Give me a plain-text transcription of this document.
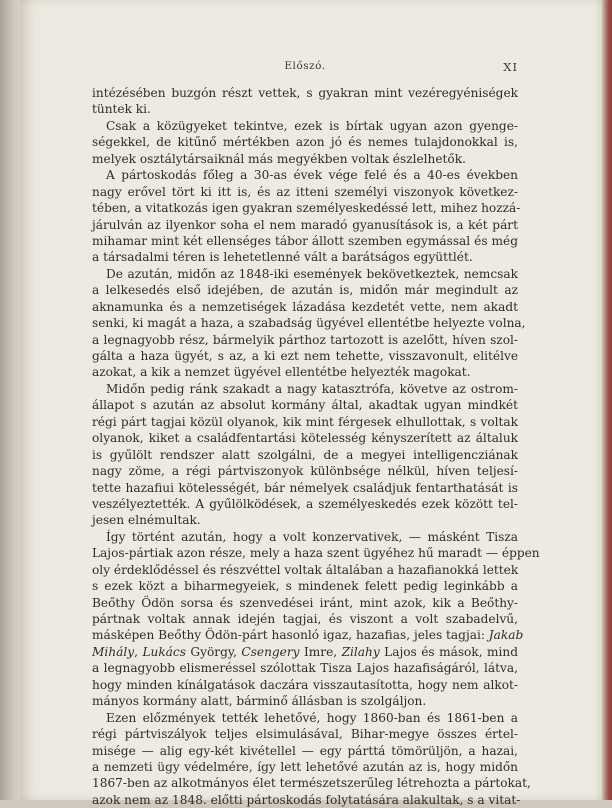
Előszó.	XI
intézésében buzgón részt vettek, s gyakran mint vezéregyéniségek
tüntek ki.
Csak a közügyeket tekintve, ezek is bírtak ugyan azon gyenge-
ségekkel, de kitűnő mértékben azon jó és nemes tulajdonokkal is,
melyek osztálytársaiknál más megyékben voltak észlelhetők.
A pártoskodás főleg a 30-as évek vége felé és a 40-es években
nagy erővel tört ki itt is, és az itteni személyi viszonyok következ-
tében, a vitatkozás igen gyakran személyeskedéssé lett, mihez hozzá-
járulván az ilyenkor soha el nem maradó gyanusítások is, a két párt
mihamar mint két ellenséges tábor állott szemben egymással és még
a társadalmi téren is lehetetlenné vált a barátságos együttlét.
De azután, midőn az 1848-iki események bekövetkeztek, nemcsak
a lelkesedés első idejében, de azután is, midőn már megindult az
aknamunka és a nemzetiségek lázadása kezdetét vette, nem akadt
senki, ki magát a haza, a szabadság ügyével ellentétbe helyezte volna,
a legnagyobb rész, bármelyik párthoz tartozott is azelőtt, híven szol-
gálta a haza ügyét, s az, a ki ezt nem tehette, visszavonult, elitélve
azokat, a kik a nemzet ügyével ellentétbe helyezték magokat.
Midőn pedig ránk szakadt a nagy katasztrófa, követve az ostrom-
állapot s azután az absolut kormány által, akadtak ugyan mindkét
régi párt tagjai közül olyanok, kik mint férgesek elhullottak, s voltak
olyanok, kiket a családfentartási kötelesség kényszerített az általuk
is gyűlölt rendszer alatt szolgálni, de a megyei intelligencziának
nagy zöme, a régi pártviszonyok különbsége nélkül, híven teljesí-
tette hazafiui kötelességét, bár némelyek családjuk fentarthatását is
veszélyeztették. A gyűlölködések, a személyeskedés ezek között tel-
jesen elnémultak.
Így történt azután, hogy a volt konzervativek, — másként Tisza
Lajos-pártiak azon része, mely a haza szent ügyéhez hű maradt — éppen
oly érdeklődéssel és részvéttel voltak általában a hazafianokká lettek
s ezek közt a biharmegyeiek, s mindenek felett pedig leginkább a
Beőthy Ödön sorsa és szenvedései iránt, mint azok, kik a Beőthy-
pártnak voltak annak idején tagjai, és viszont a volt szabadelvű,
másképen Beőthy Ödön-párt hasonló igaz, hazafias, jeles tagjai: Jakab
Mihály, Lukács György, Csengery Imre, Zilahy Lajos és mások, mind
a legnagyobb elismeréssel szólottak Tisza Lajos hazafiságáról, látva,
hogy minden kínálgatások daczára visszautasította, hogy nem alkot-
mányos kormány alatt, bárminő állásban is szolgáljon.
Ezen előzmények tették lehetővé, hogy 1860-ban és 1861-ben a
régi pártviszályok teljes elsimulásával, Bihar-megye összes értel-
misége — alig egy-két kivétellel — egy párttá tömörüljön, a hazai,
a nemzeti ügy védelmére, így lett lehetővé azután az is, hogy midőn
1867-ben az alkotmányos élet természetszerűleg létrehozta a pártokat,
azok nem az 1848. előtti pártoskodás folytatására alakultak, s a vitat-
